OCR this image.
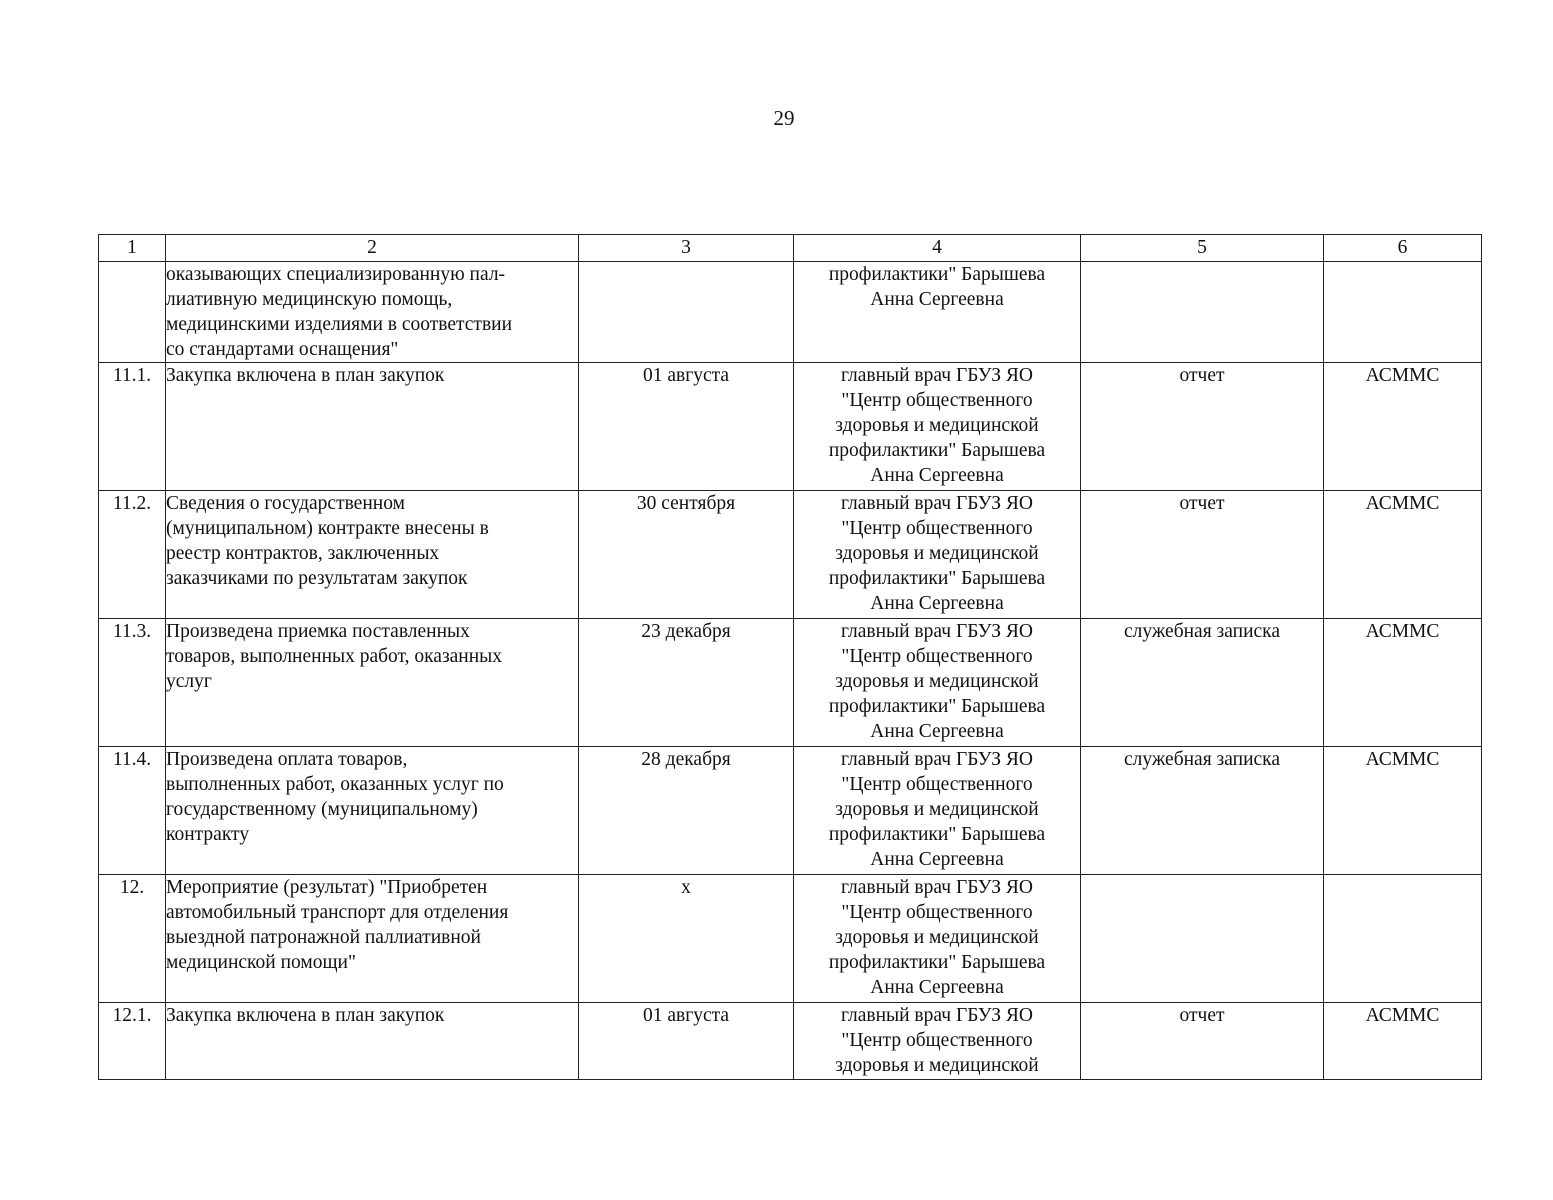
29
1	2	3	4	5	6
	оказывающих специализированную пал-
лиативную медицинскую помощь,
медицинскими изделиями в соответствии
со стандартами оснащения"		профилактики" Барышева
Анна Сергеевна		
11.1.	Закупка включена в план закупок	01 августа	главный врач ГБУЗ ЯО
"Центр общественного
здоровья и медицинской
профилактики" Барышева
Анна Сергеевна	отчет	АСММС
11.2.	Сведения о государственном
(муниципальном) контракте внесены в
реестр контрактов, заключенных
заказчиками по результатам закупок	30 сентября	главный врач ГБУЗ ЯО
"Центр общественного
здоровья и медицинской
профилактики" Барышева
Анна Сергеевна	отчет	АСММС
11.3.	Произведена приемка поставленных
товаров, выполненных работ, оказанных
услуг	23 декабря	главный врач ГБУЗ ЯО
"Центр общественного
здоровья и медицинской
профилактики" Барышева
Анна Сергеевна	служебная записка	АСММС
11.4.	Произведена оплата товаров,
выполненных работ, оказанных услуг по
государственному (муниципальному)
контракту	28 декабря	главный врач ГБУЗ ЯО
"Центр общественного
здоровья и медицинской
профилактики" Барышева
Анна Сергеевна	служебная записка	АСММС
12.	Мероприятие (результат) "Приобретен
автомобильный транспорт для отделения
выездной патронажной паллиативной
медицинской помощи"	х	главный врач ГБУЗ ЯО
"Центр общественного
здоровья и медицинской
профилактики" Барышева
Анна Сергеевна		
12.1.	Закупка включена в план закупок	01 августа	главный врач ГБУЗ ЯО
"Центр общественного
здоровья и медицинской	отчет	АСММС
